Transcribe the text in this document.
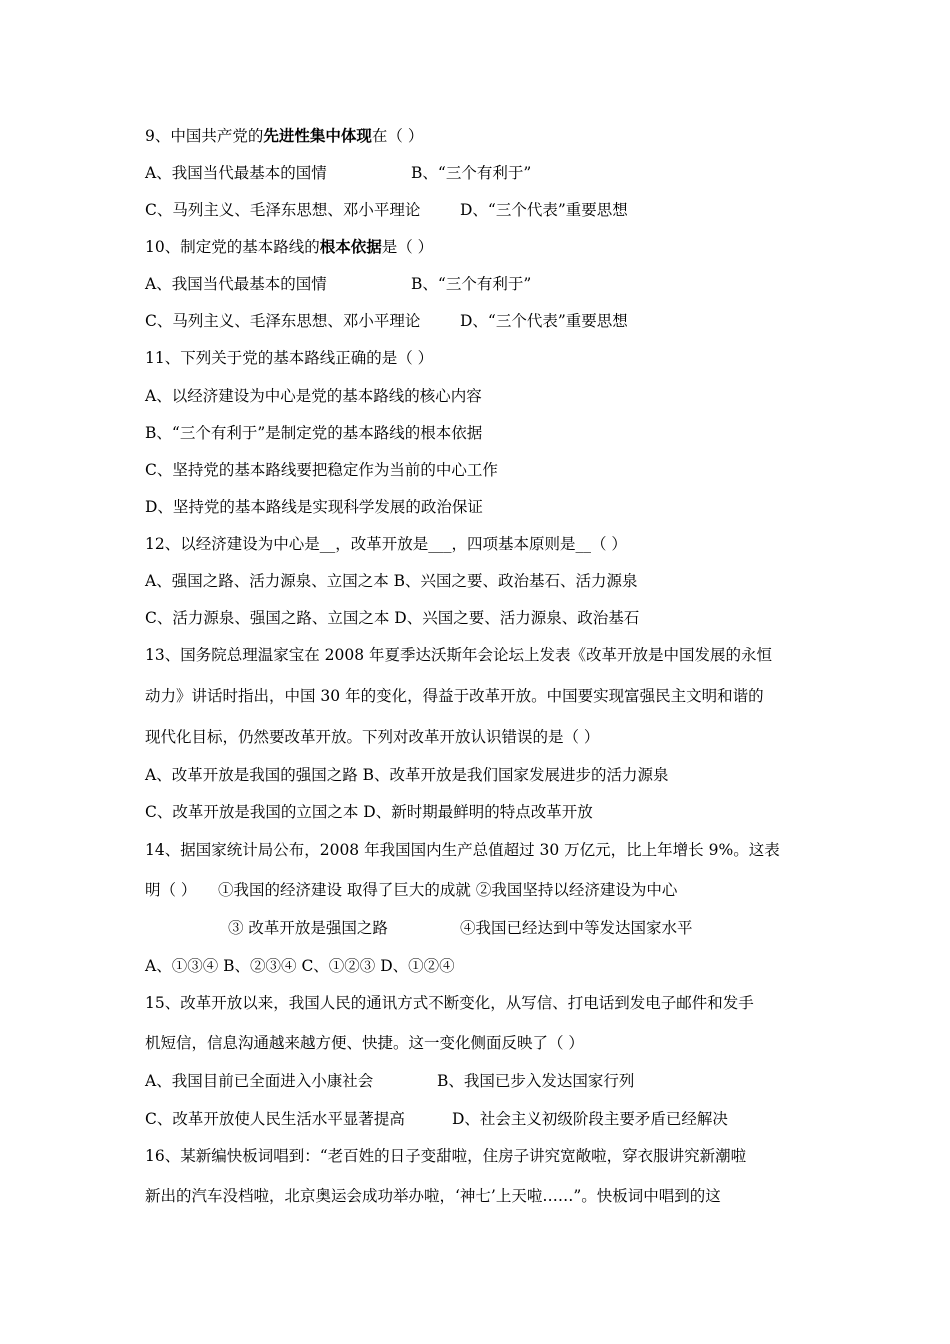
9、中国共产党的先进性集中体现在（ ）
A、我国当代最基本的国情	B、“三个有利于”
C、马列主义、毛泽东思想、邓小平理论	D、“三个代表”重要思想
10、制定党的基本路线的根本依据是（ ）
A、我国当代最基本的国情	B、“三个有利于”
C、马列主义、毛泽东思想、邓小平理论	D、“三个代表”重要思想
11、下列关于党的基本路线正确的是（ ）
A、以经济建设为中心是党的基本路线的核心内容
B、“三个有利于”是制定党的基本路线的根本依据
C、坚持党的基本路线要把稳定作为当前的中心工作
D、坚持党的基本路线是实现科学发展的政治保证
12、以经济建设为中心是__，改革开放是___，四项基本原则是__（ ）
A、强国之路、活力源泉、立国之本 B、兴国之要、政治基石、活力源泉
C、活力源泉、强国之路、立国之本 D、兴国之要、活力源泉、政治基石
13、国务院总理温家宝在 2008 年夏季达沃斯年会论坛上发表《改革开放是中国发展的永恒
动力》讲话时指出，中国 30 年的变化，得益于改革开放。中国要实现富强民主文明和谐的
现代化目标，仍然要改革开放。下列对改革开放认识错误的是（ ）
A、改革开放是我国的强国之路 B、改革开放是我们国家发展进步的活力源泉
C、改革开放是我国的立国之本 D、新时期最鲜明的特点改革开放
14、据国家统计局公布，2008 年我国国内生产总值超过 30 万亿元，比上年增长 9%。这表
明（ ） ①我国的经济建设 取得了巨大的成就 ②我国坚持以经济建设为中心
③ 改革开放是强国之路	④我国已经达到中等发达国家水平
A、①③④ B、②③④ C、①②③ D、①②④
15、改革开放以来，我国人民的通讯方式不断变化，从写信、打电话到发电子邮件和发手
机短信，信息沟通越来越方便、快捷。这一变化侧面反映了（ ）
A、我国目前已全面进入小康社会	B、我国已步入发达国家行列
C、改革开放使人民生活水平显著提高	D、社会主义初级阶段主要矛盾已经解决
16、某新编快板词唱到：“老百姓的日子变甜啦，住房子讲究宽敞啦，穿衣服讲究新潮啦
新出的汽车没档啦，北京奥运会成功举办啦，‘神七’上天啦……”。快板词中唱到的这
